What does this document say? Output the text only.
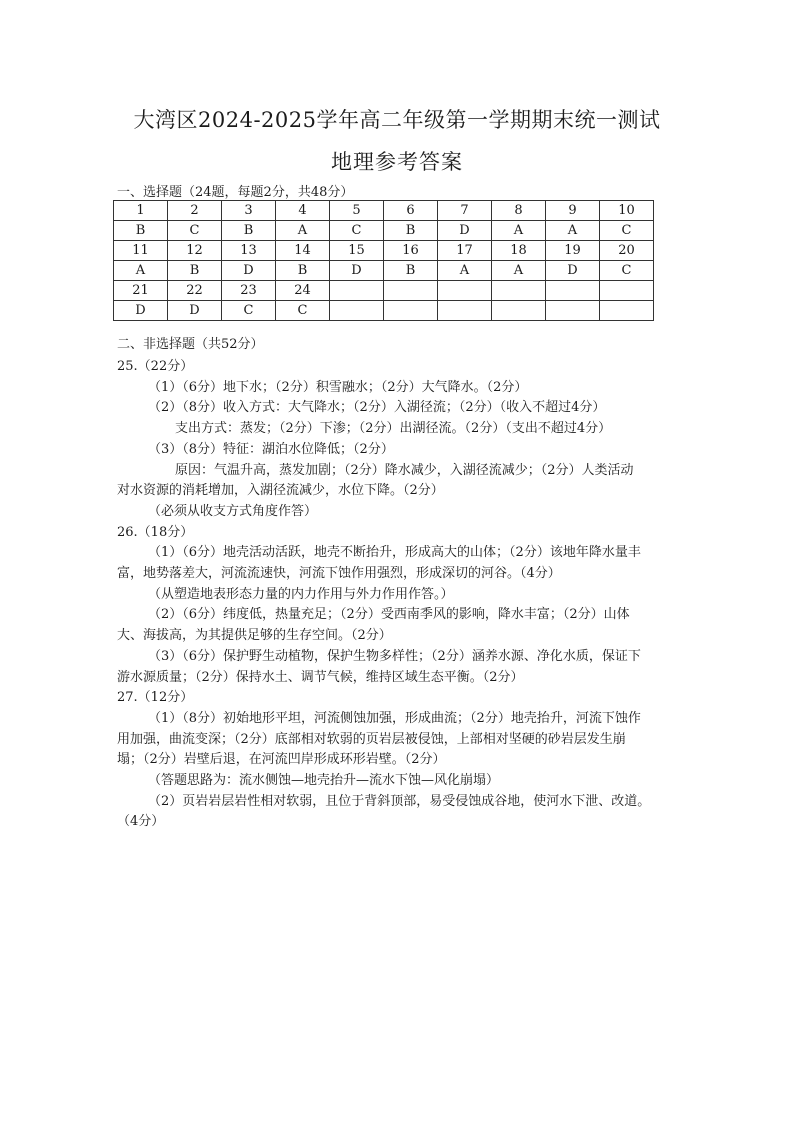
大湾区2024-2025学年高二年级第一学期期末统一测试
地理参考答案
一、选择题（24题，每题2分，共48分）
1	2	3	4	5	6	7	8	9	10
B	C	B	A	C	B	D	A	A	C
11	12	13	14	15	16	17	18	19	20
A	B	D	B	D	B	A	A	D	C
21	22	23	24						
D	D	C	C						
二、非选择题（共52分）

25.（22分）

（1）（6分）地下水；（2分）积雪融水；（2分）大气降水。（2分）

（2）（8分）收入方式：大气降水；（2分）入湖径流；（2分）（收入不超过4分）

支出方式：蒸发；（2分）下渗；（2分）出湖径流。（2分）（支出不超过4分）

（3）（8分）特征：湖泊水位降低；（2分）

原因：气温升高，蒸发加剧；（2分）降水减少，入湖径流减少；（2分）人类活动

对水资源的消耗增加，入湖径流减少，水位下降。（2分）

（必须从收支方式角度作答）

26.（18分）

（1）（6分）地壳活动活跃，地壳不断抬升，形成高大的山体；（2分）该地年降水量丰

富，地势落差大，河流流速快，河流下蚀作用强烈，形成深切的河谷。（4分）

（从塑造地表形态力量的内力作用与外力作用作答。）

（2）（6分）纬度低，热量充足；（2分）受西南季风的影响，降水丰富；（2分）山体

大、海拔高，为其提供足够的生存空间。（2分）

（3）（6分）保护野生动植物，保护生物多样性；（2分）涵养水源、净化水质，保证下

游水源质量；（2分）保持水土、调节气候，维持区域生态平衡。（2分）

27.（12分）

（1）（8分）初始地形平坦，河流侧蚀加强，形成曲流；（2分）地壳抬升，河流下蚀作

用加强，曲流变深；（2分）底部相对软弱的页岩层被侵蚀，上部相对坚硬的砂岩层发生崩

塌；（2分）岩壁后退，在河流凹岸形成环形岩壁。（2分）

（答题思路为：流水侧蚀—地壳抬升—流水下蚀—风化崩塌）

（2）页岩岩层岩性相对软弱，且位于背斜顶部，易受侵蚀成谷地，使河水下泄、改道。

（4分）
